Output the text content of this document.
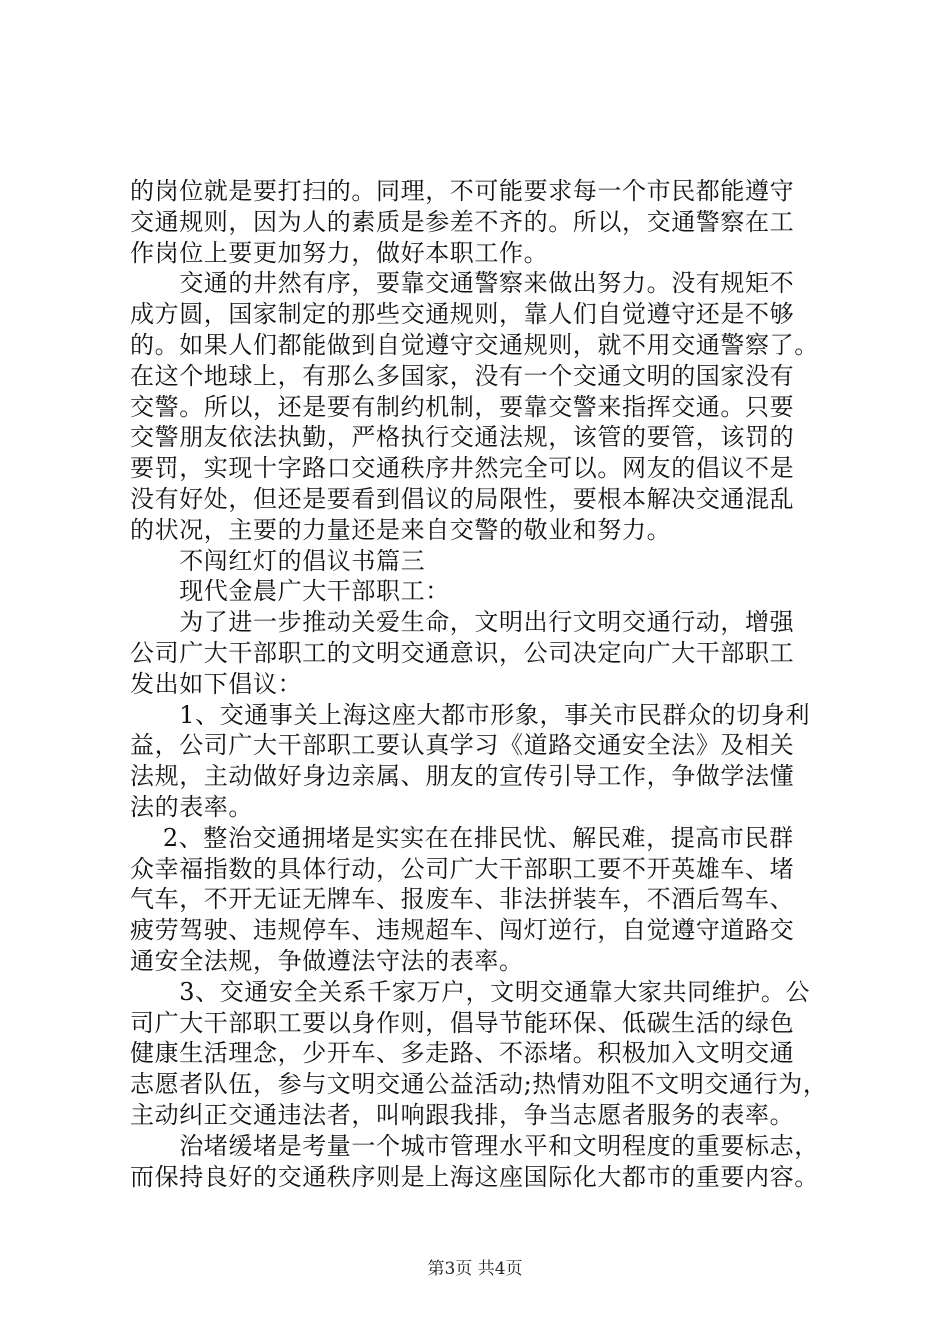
的岗位就是要打扫的。同理，不可能要求每一个市民都能遵守
交通规则，因为人的素质是参差不齐的。所以，交通警察在工
作岗位上要更加努力，做好本职工作。
　　交通的井然有序，要靠交通警察来做出努力。没有规矩不
成方圆，国家制定的那些交通规则，靠人们自觉遵守还是不够
的。如果人们都能做到自觉遵守交通规则，就不用交通警察了。
在这个地球上，有那么多国家，没有一个交通文明的国家没有
交警。所以，还是要有制约机制，要靠交警来指挥交通。只要
交警朋友依法执勤，严格执行交通法规，该管的要管，该罚的
要罚，实现十字路口交通秩序井然完全可以。网友的倡议不是
没有好处，但还是要看到倡议的局限性，要根本解决交通混乱
的状况，主要的力量还是来自交警的敬业和努力。
　　不闯红灯的倡议书篇三
　　现代金晨广大干部职工：
　　为了进一步推动关爱生命，文明出行文明交通行动，增强
公司广大干部职工的文明交通意识，公司决定向广大干部职工
发出如下倡议：
　　1、交通事关上海这座大都市形象，事关市民群众的切身利
益，公司广大干部职工要认真学习《道路交通安全法》及相关
法规，主动做好身边亲属、朋友的宣传引导工作，争做学法懂
法的表率。
　 2、整治交通拥堵是实实在在排民忧、解民难，提高市民群
众幸福指数的具体行动，公司广大干部职工要不开英雄车、堵
气车，不开无证无牌车、报废车、非法拼装车，不酒后驾车、
疲劳驾驶、违规停车、违规超车、闯灯逆行，自觉遵守道路交
通安全法规，争做遵法守法的表率。
　　3、交通安全关系千家万户，文明交通靠大家共同维护。公
司广大干部职工要以身作则，倡导节能环保、低碳生活的绿色
健康生活理念，少开车、多走路、不添堵。积极加入文明交通
志愿者队伍，参与文明交通公益活动;热情劝阻不文明交通行为，
主动纠正交通违法者，叫响跟我排，争当志愿者服务的表率。
　　治堵缓堵是考量一个城市管理水平和文明程度的重要标志，
而保持良好的交通秩序则是上海这座国际化大都市的重要内容。
第3页 共4页
